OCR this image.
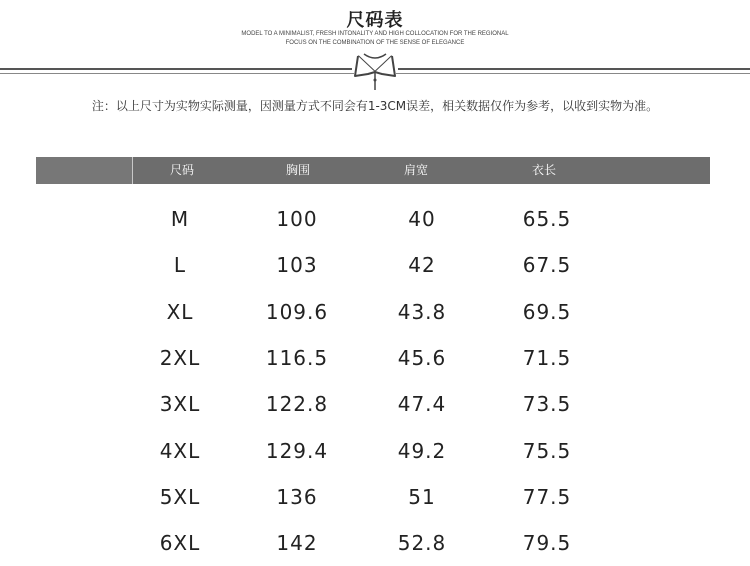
尺码表
MODEL TO A MINIMALIST, FRESH INTONALITY AND HIGH COLLOCATION FOR THE REGIONAL
FOCUS ON THE COMBINATION OF THE SENSE OF ELEGANCE
注：以上尺寸为实物实际测量，因测量方式不同会有1-3CM误差，相关数据仅作为参考，以收到实物为准。
尺码	胸围	肩宽	衣长
M	100	40	65.5
L	103	42	67.5
XL	109.6	43.8	69.5
2XL	116.5	45.6	71.5
3XL	122.8	47.4	73.5
4XL	129.4	49.2	75.5
5XL	136	51	77.5
6XL	142	52.8	79.5
